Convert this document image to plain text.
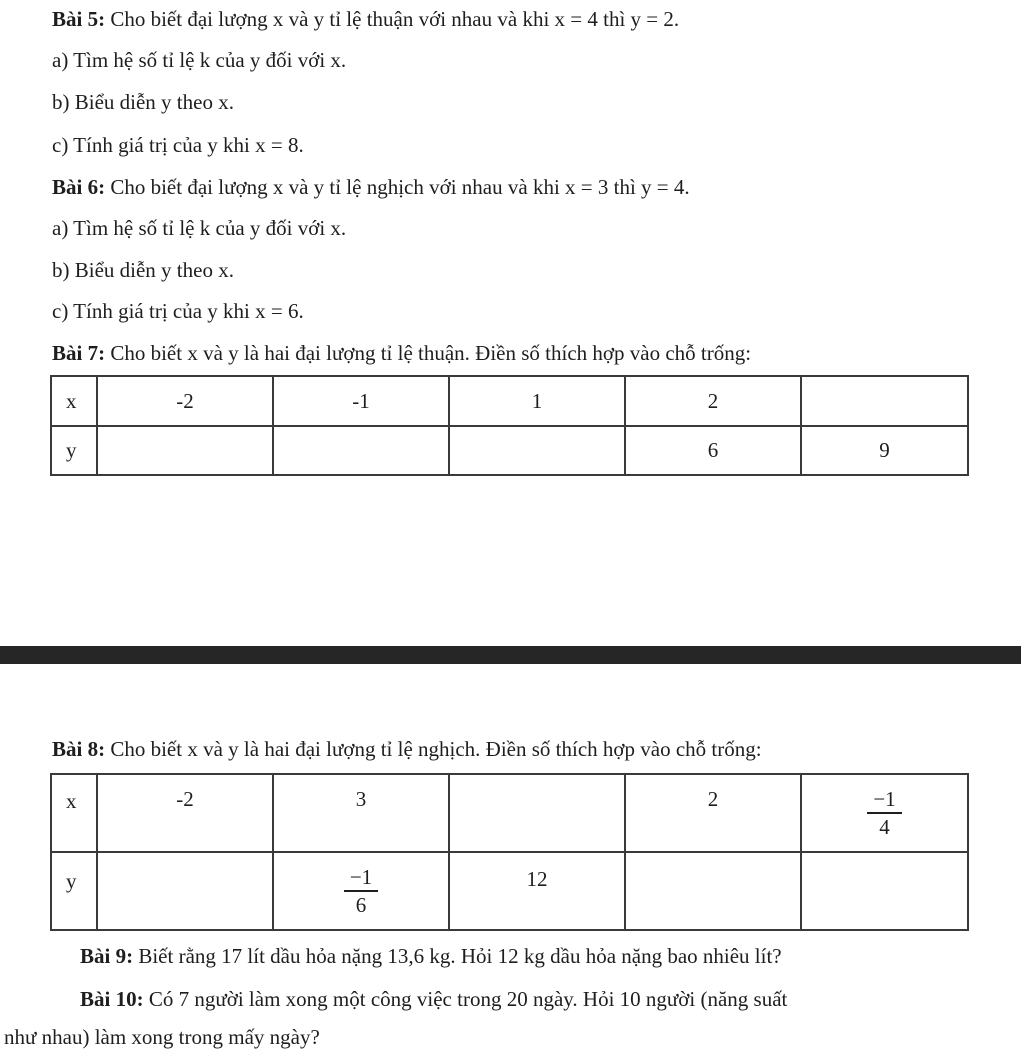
Bài 5: Cho biết đại lượng x và y tỉ lệ thuận với nhau và khi x = 4 thì y = 2.
a) Tìm hệ số tỉ lệ k của y đối với x.
b) Biểu diễn y theo x.
c) Tính giá trị của y khi x = 8.
Bài 6: Cho biết đại lượng x và y tỉ lệ nghịch với nhau và khi x = 3 thì y = 4.
a) Tìm hệ số tỉ lệ k của y đối với x.
b) Biểu diễn y theo x.
c) Tính giá trị của y khi x = 6.
Bài 7: Cho biết x và y là hai đại lượng tỉ lệ thuận. Điền số thích hợp vào chỗ trống:
x	-2	-1	1	2	
y				6	9
Bài 8: Cho biết x và y là hai đại lượng tỉ lệ nghịch. Điền số thích hợp vào chỗ trống:
x	-2	3		2	$\frac{-1}{4}$

y		$\frac{-1}{6}$	12		
Bài 9: Biết rằng 17 lít dầu hỏa nặng 13,6 kg. Hỏi 12 kg dầu hỏa nặng bao nhiêu lít?
Bài 10: Có 7 người làm xong một công việc trong 20 ngày. Hỏi 10 người (năng suất
như nhau) làm xong trong mấy ngày?
